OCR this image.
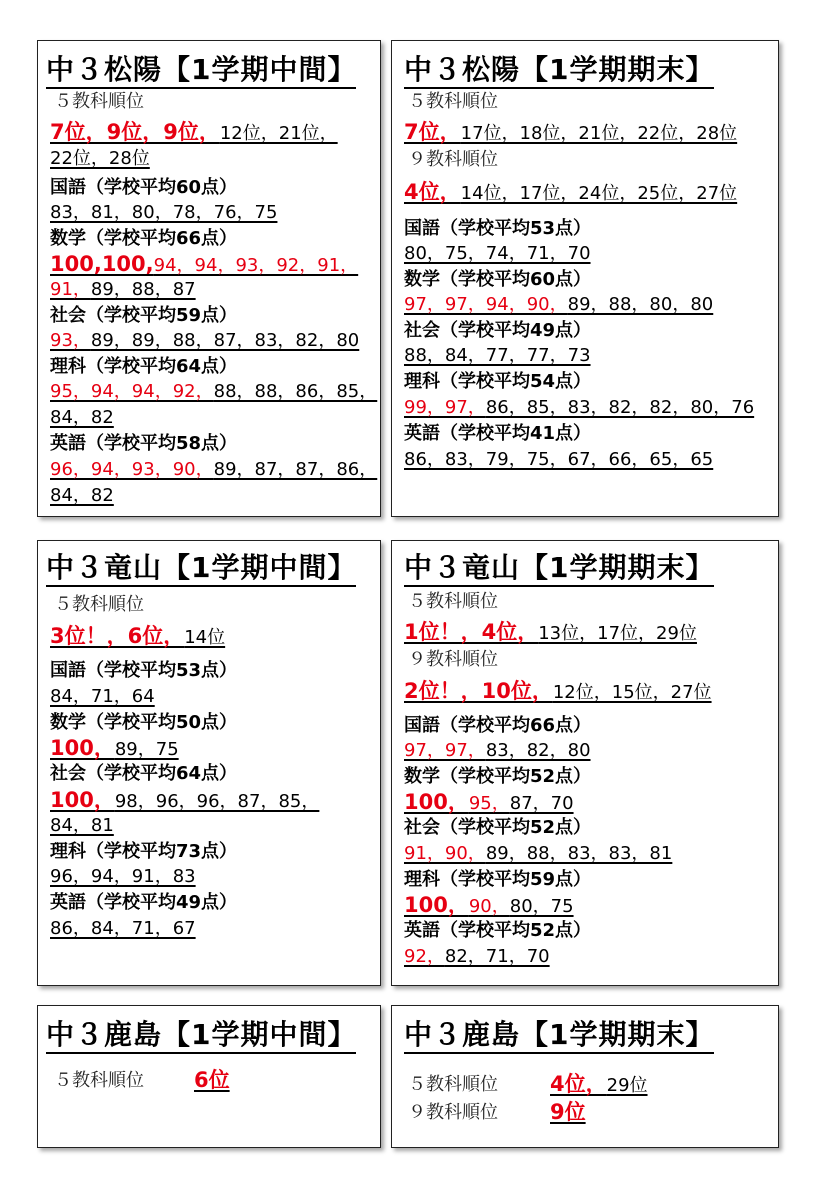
中３松陽【1学期中間】
５教科順位
7位，9位，9位，12位，21位，
22位，28位
国語（学校平均60点）
83，81，80，78，76，75
数学（学校平均66点）
100,100,94，94，93，92，91，
91，89，88，87
社会（学校平均59点）
93，89，89，88，87，83，82，80
理科（学校平均64点）
95，94，94，92，88，88，86，85，
84，82
英語（学校平均58点）
96，94，93，90，89，87，87，86，
84，82
中３松陽【1学期期末】
５教科順位
7位，17位，18位，21位，22位，28位
９教科順位
4位，14位，17位，24位，25位，27位
国語（学校平均53点）
80，75，74，71，70
数学（学校平均60点）
97，97，94，90，89，88，80，80
社会（学校平均49点）
88，84，77，77，73
理科（学校平均54点）
99，97，86，85，83，82，82，80，76
英語（学校平均41点）
86，83，79，75，67，66，65，65
中３竜山【1学期中間】
５教科順位
3位！，6位，14位
国語（学校平均53点）
84，71，64
数学（学校平均50点）
100，89，75
社会（学校平均64点）
100，98，96，96，87，85，
84，81
理科（学校平均73点）
96，94，91，83
英語（学校平均49点）
86，84，71，67
中３竜山【1学期期末】
５教科順位
1位！，4位，13位，17位，29位
９教科順位
2位！，10位，12位，15位，27位
国語（学校平均66点）
97，97，83，82，80
数学（学校平均52点）
100，95，87，70
社会（学校平均52点）
91，90，89，88，83，83，81
理科（学校平均59点）
100，90，80，75
英語（学校平均52点）
92，82，71，70
中３鹿島【1学期中間】
５教科順位 6位
中３鹿島【1学期期末】
５教科順位 4位，29位
９教科順位 9位
